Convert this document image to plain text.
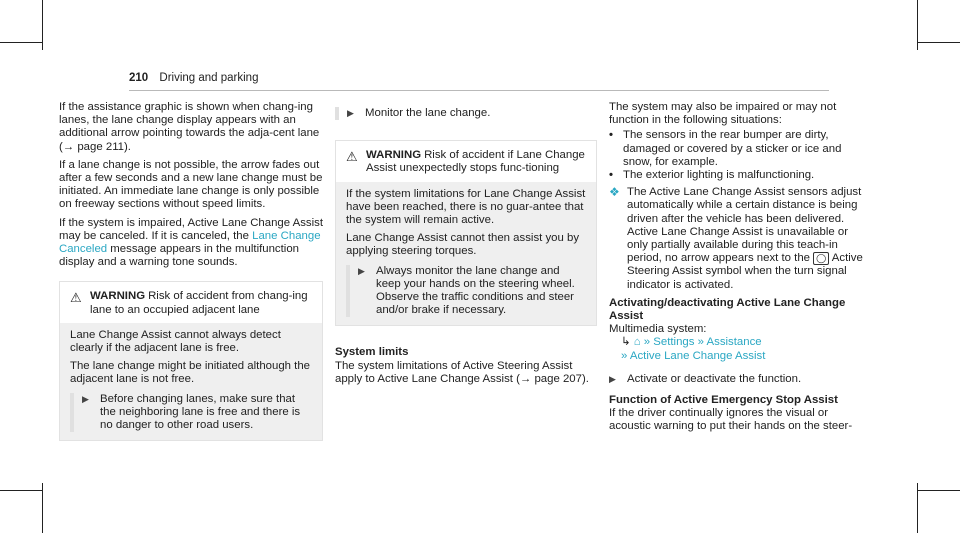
210 Driving and parking

If the assistance graphic is shown when chang-ing lanes, the lane change display appears with an additional arrow pointing towards the adja-cent lane (→ page 211).

If a lane change is not possible, the arrow fades out after a few seconds and a new lane change must be initiated. An immediate lane change is only possible on freeway sections without speed limits.

If the system is impaired, Active Lane Change Assist may be canceled. If it is canceled, the Lane Change Canceled message appears in the multifunction display and a warning tone sounds.

⚠ WARNING Risk of accident from chang-ing lane to an occupied adjacent lane

Lane Change Assist cannot always detect clearly if the adjacent lane is free.

The lane change might be initiated although the adjacent lane is not free.

▶ Before changing lanes, make sure that the neighboring lane is free and there is no danger to other road users.
▶ Monitor the lane change.
⚠ WARNING Risk of accident if Lane Change Assist unexpectedly stops func-tioning

If the system limitations for Lane Change Assist have been reached, there is no guar-antee that the system will remain active.

Lane Change Assist cannot then assist you by applying steering torques.

▶ Always monitor the lane change and keep your hands on the steering wheel. Observe the traffic conditions and steer and/or brake if necessary.
System limits
The system limitations of Active Steering Assist apply to Active Lane Change Assist (→ page 207).

The system may also be impaired or may not function in the following situations:

• The sensors in the rear bumper are dirty, damaged or covered by a sticker or ice and snow, for example.
• The exterior lighting is malfunctioning.
❖ The Active Lane Change Assist sensors adjust automatically while a certain distance is being driven after the vehicle has been delivered. Active Lane Change Assist is unavailable or only partially available during this teach-in period, no arrow appears next to the ◯ Active Steering Assist symbol when the turn signal indicator is activated.
Activating/deactivating Active Lane Change Assist
Multimedia system:
↳ ⌂ » Settings » Assistance
» Active Lane Change Assist
▶ Activate or deactivate the function.
Function of Active Emergency Stop Assist
If the driver continually ignores the visual or acoustic warning to put their hands on the steer-
